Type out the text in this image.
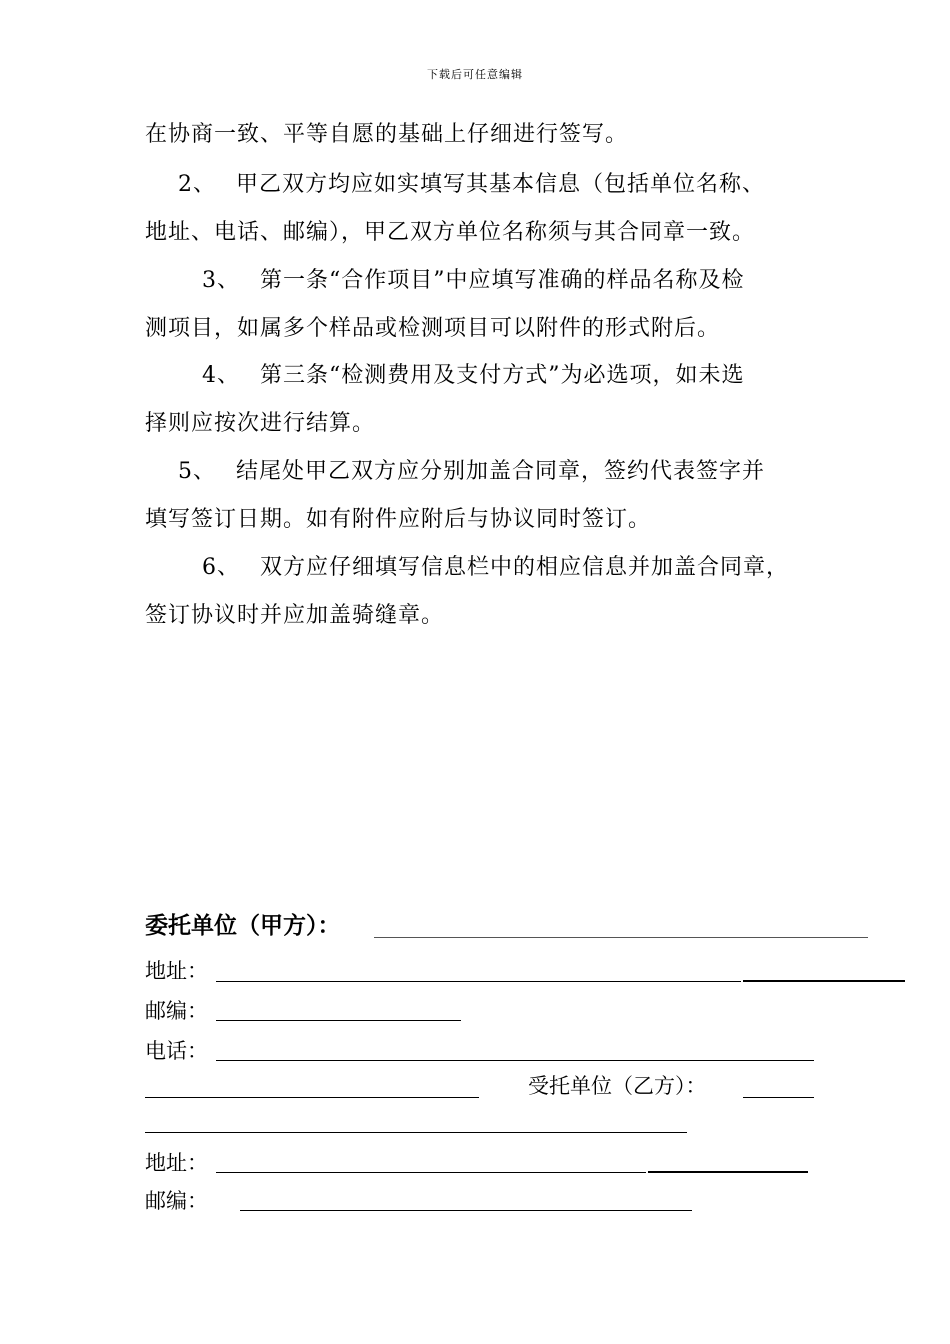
下载后可任意编辑
在协商一致、平等自愿的基础上仔细进行签写。
2、　 甲乙双方均应如实填写其基本信息（包括单位名称、
地址、电话、邮编），甲乙双方单位名称须与其合同章一致。
3、　 第一条“合作项目”中应填写准确的样品名称及检
测项目，如属多个样品或检测项目可以附件的形式附后。
4、　 第三条“检测费用及支付方式”为必选项，如未选
择则应按次进行结算。
5、　 结尾处甲乙双方应分别加盖合同章，签约代表签字并
填写签订日期。如有附件应附后与协议同时签订。
6、　 双方应仔细填写信息栏中的相应信息并加盖合同章，
签订协议时并应加盖骑缝章。
委托单位（甲方）：
地址：
邮编：
电话：
受托单位（乙方）：
地址：
邮编：
